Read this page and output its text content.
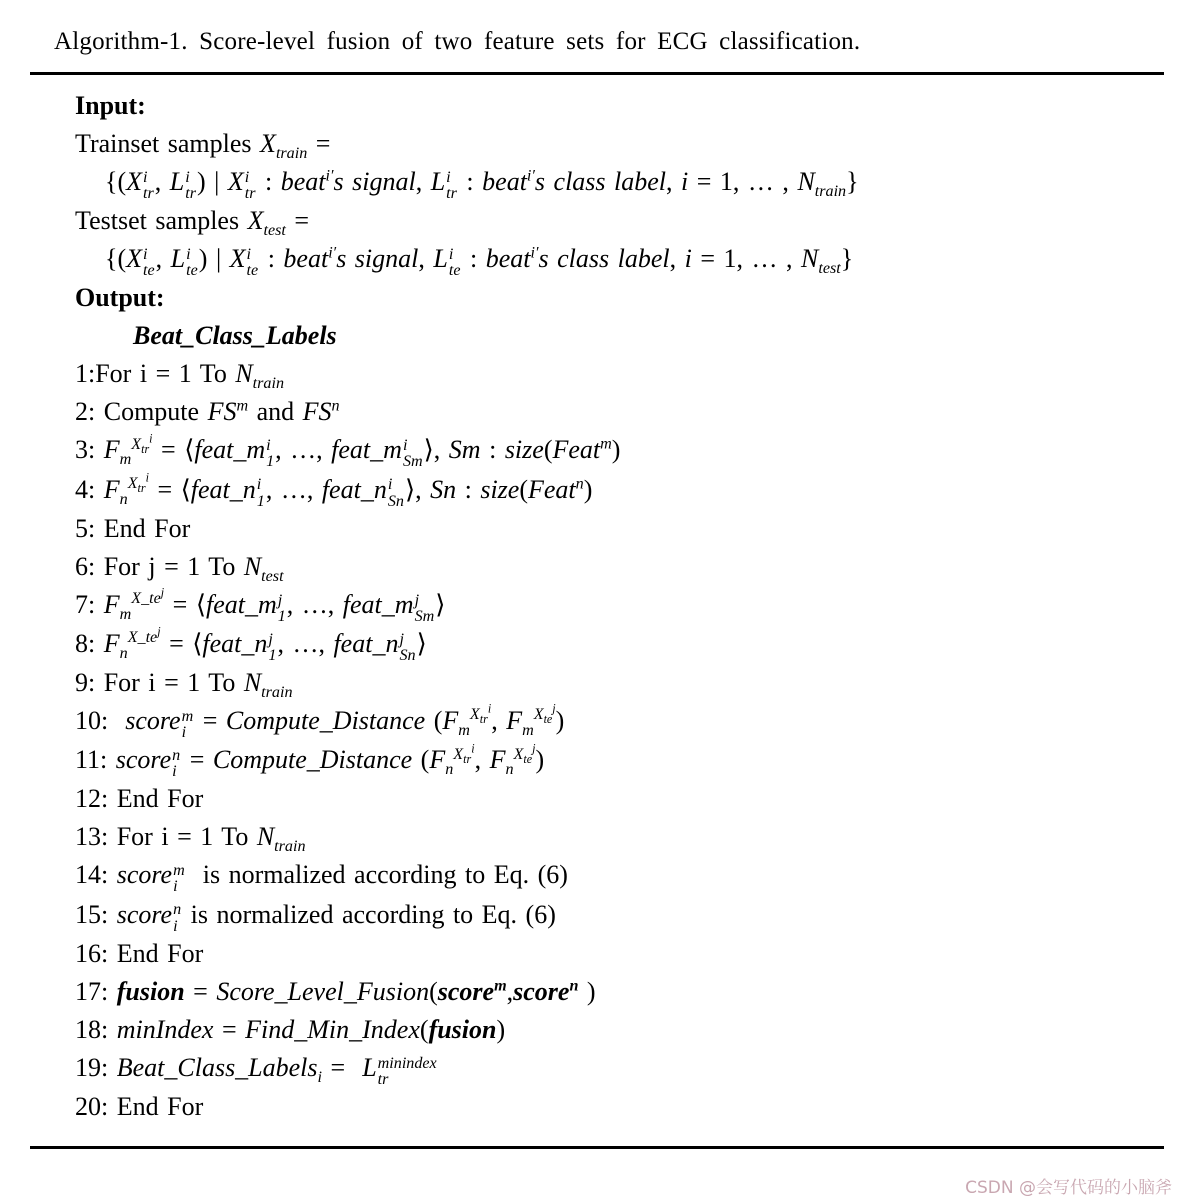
Algorithm-1. Score-level fusion of two feature sets for ECG classification.
Input:
Trainset samples $X_{train}$ =
{(X i
tr , L i
tr ) | X i
tr : beat$^{i'}$s signal, L i
tr : beat$^{i'}$s class label, i = 1, … , $N_{train}$}
Testset samples $X_{test}$ =
{(X i
te , L i
te ) | X i
te : beat$^{i'}$s signal, L i
te : beat$^{i'}$s class label, i = 1, … , $N_{test}$}
Output:
Beat_Class_Labels
1:For i = 1 To $N_{train}$
2: Compute $FS^m$ and $FS^n$
3: $F_m^{X_{tr}^i}$ = ⟨feat_m i
1 , …, feat_m i
Sm ⟩, Sm : size(Feat$^m$)
4: $F_n^{X_{tr}^i}$ = ⟨feat_n i
1 , …, feat_n i
Sn ⟩, Sn : size(Feat$^n$)
5: End For
6: For j = 1 To $N_{test}$
7: $F_m^{X\_te^j}$ = ⟨feat_m j
1 , …, feat_m j
Sm ⟩
8: $F_n^{X\_te^j}$ = ⟨feat_n j
1 , …, feat_n j
Sn ⟩
9: For i = 1 To $N_{train}$
10:  score m
i = Compute_Distance ($F_m^{X_{tr}^i}$, $F_m^{X_{te}^j}$)
11: score n
i = Compute_Distance ($F_n^{X_{tr}^i}$, $F_n^{X_{te}^j}$)
12: End For
13: For i = 1 To $N_{train}$
14: score m
i is normalized according to Eq. (6)
15: score n
i is normalized according to Eq. (6)
16: End For
17: fusion = Score_Level_Fusion(score$^m$,score$^n$ )
18: minIndex = Find_Min_Index(fusion)
19: Beat_Class_Labels$_i$ =  L minindex
tr
20: End For
CSDN @会写代码的小脑斧
